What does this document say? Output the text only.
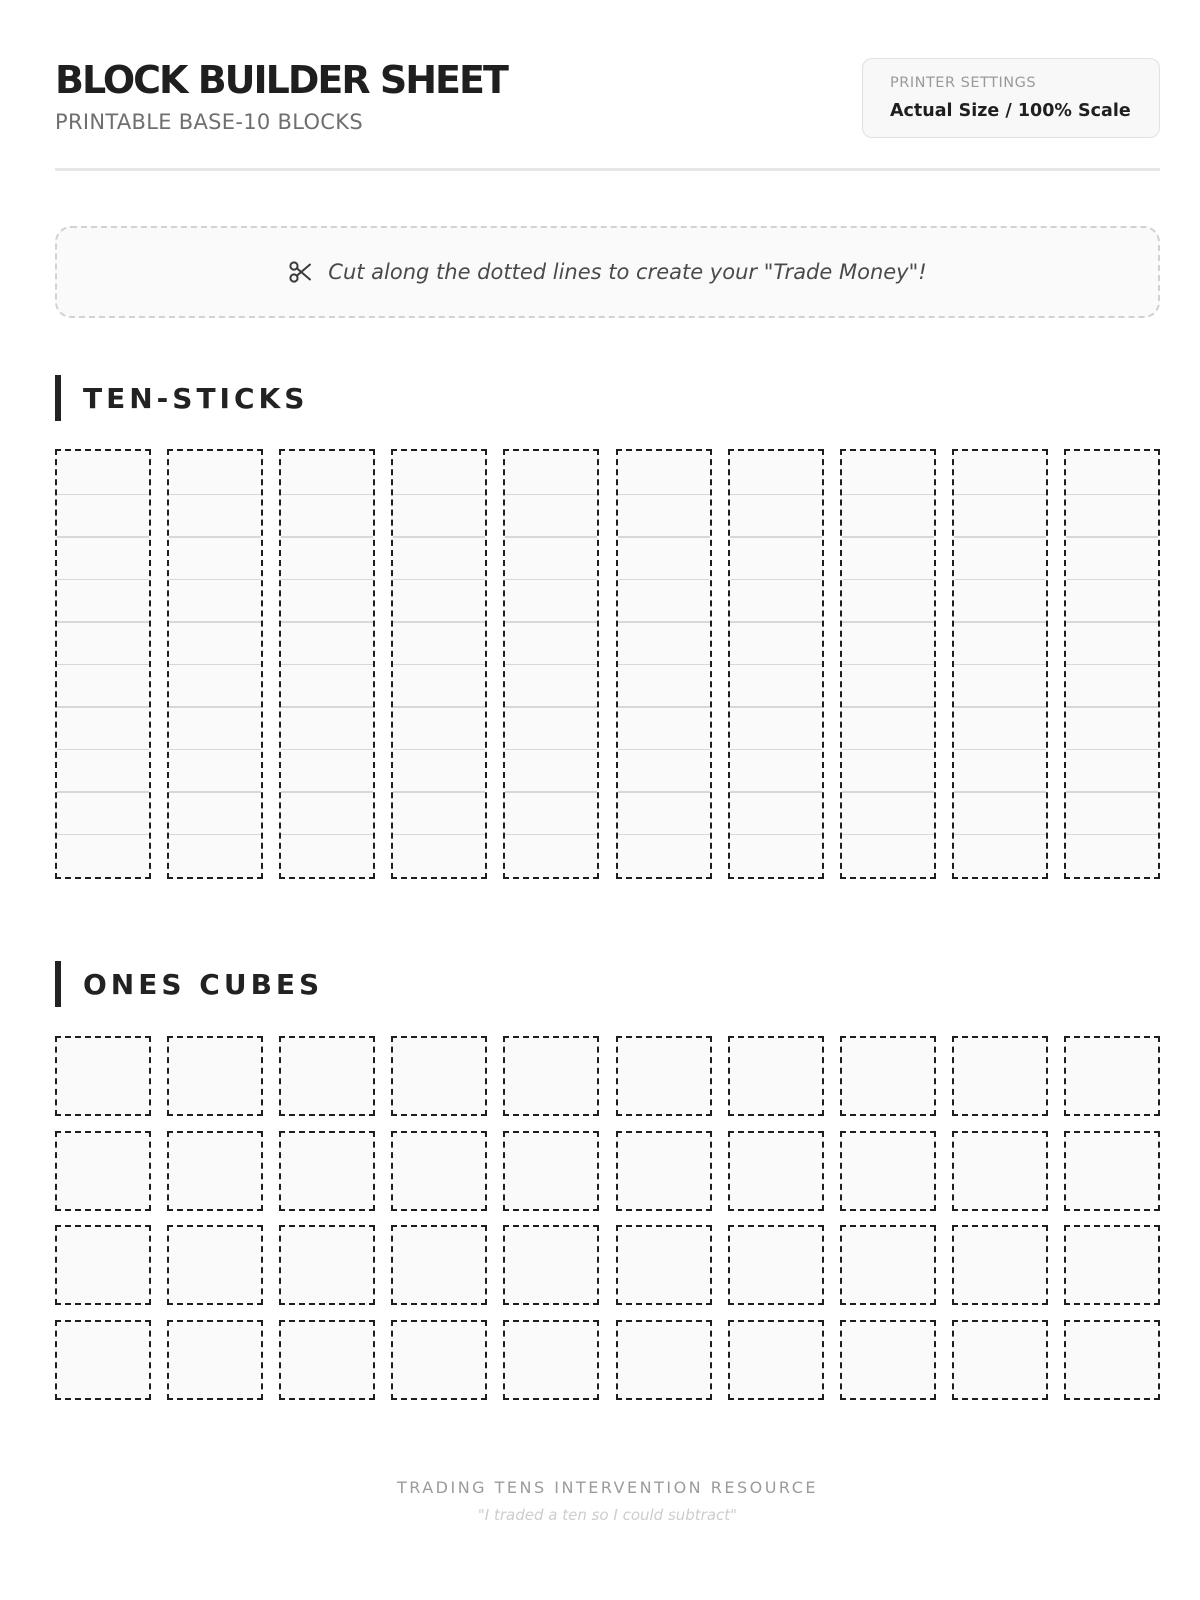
BLOCK BUILDER SHEET
PRINTABLE BASE-10 BLOCKS
PRINTER SETTINGS
Actual Size / 100% Scale
Cut along the dotted lines to create your "Trade Money"!
TEN-STICKS
ONES CUBES
TRADING TENS INTERVENTION RESOURCE
"I traded a ten so I could subtract"
